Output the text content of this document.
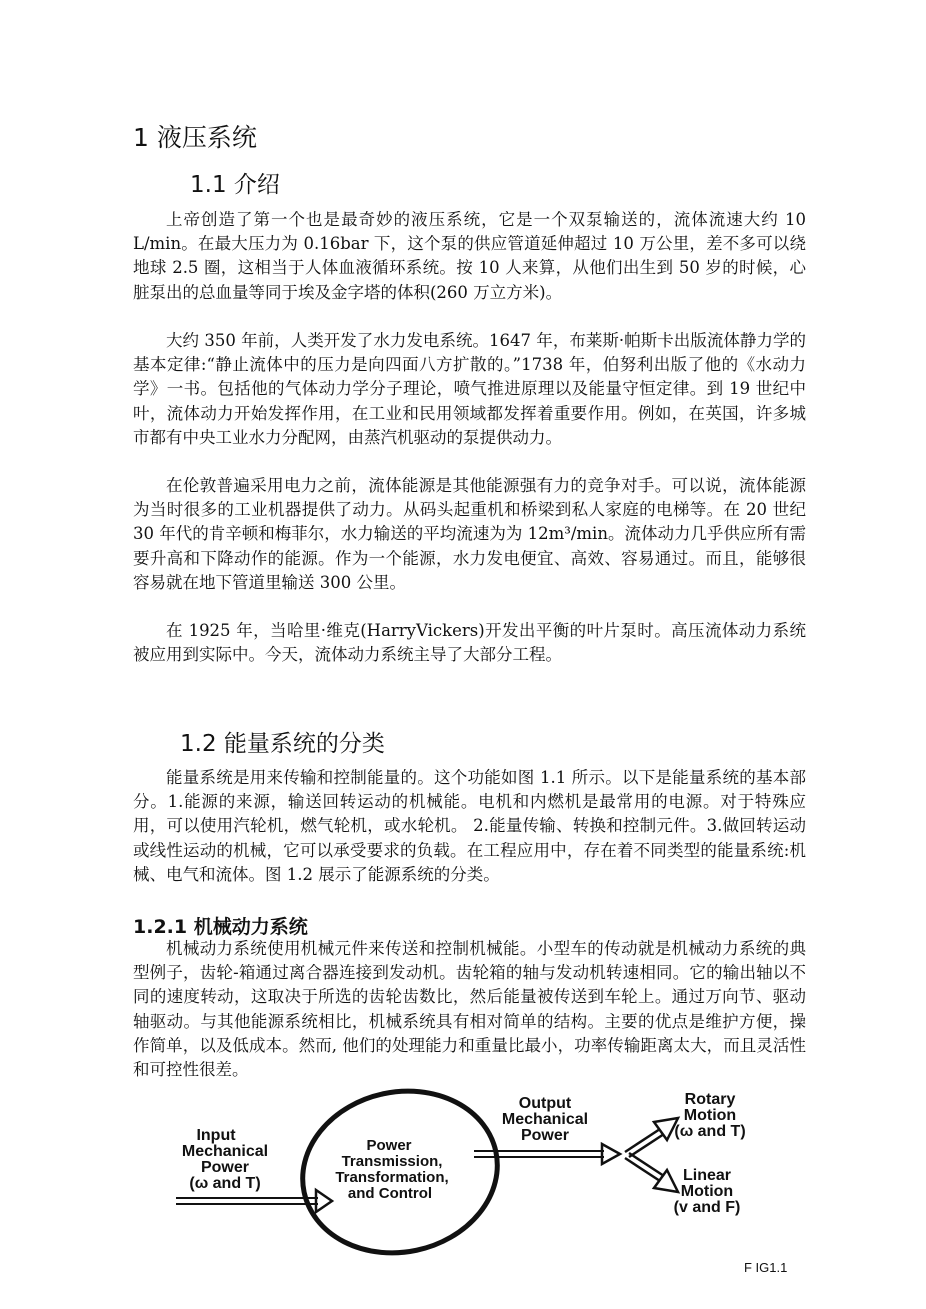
1 液压系统
1.1 介绍

上帝创造了第一个也是最奇妙的液压系统，它是一个双泵输送的，流体流速大约 10 L/min。在最大压力为 0.16bar 下，这个泵的供应管道延伸超过 10 万公里，差不多可以绕地球 2.5 圈，这相当于人体血液循环系统。按 10 人来算，从他们出生到 50 岁的时候，心脏泵出的总血量等同于埃及金字塔的体积(260 万立方米)。

大约 350 年前，人类开发了水力发电系统。1647 年，布莱斯·帕斯卡出版流体静力学的基本定律:“静止流体中的压力是向四面八方扩散的。”1738 年，伯努利出版了他的《水动力学》一书。包括他的气体动力学分子理论，喷气推进原理以及能量守恒定律。到 19 世纪中叶，流体动力开始发挥作用，在工业和民用领域都发挥着重要作用。例如，在英国，许多城市都有中央工业水力分配网，由蒸汽机驱动的泵提供动力。

在伦敦普遍采用电力之前，流体能源是其他能源强有力的竞争对手。可以说，流体能源为当时很多的工业机器提供了动力。从码头起重机和桥梁到私人家庭的电梯等。在 20 世纪 30 年代的肯辛顿和梅菲尔，水力输送的平均流速为为 12m³/min。流体动力几乎供应所有需要升高和下降动作的能源。作为一个能源，水力发电便宜、高效、容易通过。而且，能够很容易就在地下管道里输送 300 公里。

在 1925 年，当哈里·维克(HarryVickers)开发出平衡的叶片泵时。高压流体动力系统被应用到实际中。今天，流体动力系统主导了大部分工程。

1.2 能量系统的分类

能量系统是用来传输和控制能量的。这个功能如图 1.1 所示。以下是能量系统的基本部分。1.能源的来源，输送回转运动的机械能。电机和内燃机是最常用的电源。对于特殊应用，可以使用汽轮机，燃气轮机，或水轮机。 2.能量传输、转换和控制元件。3.做回转运动或线性运动的机械，它可以承受要求的负载。在工程应用中，存在着不同类型的能量系统:机械、电气和流体。图 1.2 展示了能源系统的分类。

1.2.1 机械动力系统

机械动力系统使用机械元件来传送和控制机械能。小型车的传动就是机械动力系统的典型例子，齿轮-箱通过离合器连接到发动机。齿轮箱的轴与发动机转速相同。它的输出轴以不同的速度转动，这取决于所选的齿轮齿数比，然后能量被传送到车轮上。通过万向节、驱动轴驱动。与其他能源系统相比，机械系统具有相对简单的结构。主要的优点是维护方便，操作简单，以及低成本。然而, 他们的处理能力和重量比最小，功率传输距离太大，而且灵活性和可控性很差。

Input
Mechanical
Power
(ω and T)
Power
Transmission,
Transformation,
and Control
Output
Mechanical
Power
Rotary
Motion
(ω and T)
Linear
Motion
(v and F)
F IG1.1
